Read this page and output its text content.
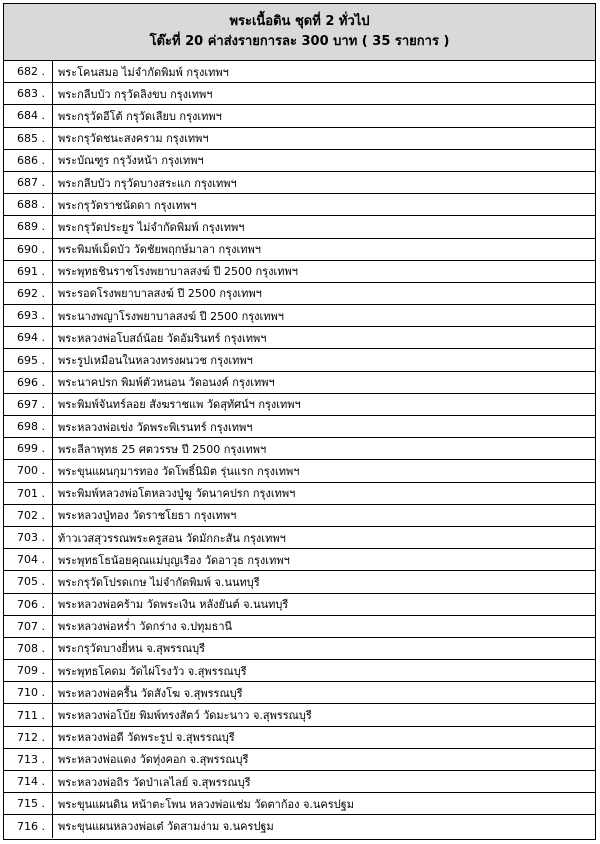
พระเนื้อดิน ชุดที่ 2 ทั่วไป
โต๊ะที่ 20 ค่าส่งรายการละ 300 บาท ( 35 รายการ )
682 .	พระโคนสมอ ไม่จำกัดพิมพ์ กรุงเทพฯ
683 .	พระกลีบบัว กรุวัดลิงขบ กรุงเทพฯ
684 .	พระกรุวัดอีโต้ กรุวัดเลียบ กรุงเทพฯ
685 .	พระกรุวัดชนะสงคราม กรุงเทพฯ
686 .	พระบัณฑูร กรุวังหน้า กรุงเทพฯ
687 .	พระกลีบบัว กรุวัดบางสระแก กรุงเทพฯ
688 .	พระกรุวัดราชนัดดา กรุงเทพฯ
689 .	พระกรุวัดประยูร ไม่จำกัดพิมพ์ กรุงเทพฯ
690 .	พระพิมพ์เม็ดบัว วัดชัยพฤกษ์มาลา กรุงเทพฯ
691 .	พระพุทธชินราชโรงพยาบาลสงฆ์ ปี 2500 กรุงเทพฯ
692 .	พระรอดโรงพยาบาลสงฆ์ ปี 2500 กรุงเทพฯ
693 .	พระนางพญาโรงพยาบาลสงฆ์ ปี 2500 กรุงเทพฯ
694 .	พระหลวงพ่อโบสถ์น้อย วัดอัมรินทร์ กรุงเทพฯ
695 .	พระรูปเหมือนในหลวงทรงผนวช กรุงเทพฯ
696 .	พระนาคปรก พิมพ์ตัวหนอน วัดอนงค์ กรุงเทพฯ
697 .	พระพิมพ์จันทร์ลอย สังฆราชแพ วัดสุทัศน์ฯ กรุงเทพฯ
698 .	พระหลวงพ่อเข่ง วัดพระพิเรนทร์ กรุงเทพฯ
699 .	พระลีลาพุทธ 25 ศตวรรษ ปี 2500 กรุงเทพฯ
700 .	พระขุนแผนกุมารทอง วัดโพธิ์นิมิต รุ่นแรก กรุงเทพฯ
701 .	พระพิมพ์หลวงพ่อโตหลวงปู่ฆู วัดนาคปรก กรุงเทพฯ
702 .	พระหลวงปู่ทอง วัดราชโยธา กรุงเทพฯ
703 .	ท้าวเวสสุวรรณพระครูสอน วัดมักกะสัน กรุงเทพฯ
704 .	พระพุทธโธน้อยคุณแม่บุญเรือง วัดอาวุธ กรุงเทพฯ
705 .	พระกรุวัดโปรดเกษ ไม่จำกัดพิมพ์ จ.นนทบุรี
706 .	พระหลวงพ่อคร้าม วัดพระเงิน หลังยันต์ จ.นนทบุรี
707 .	พระหลวงพ่อหร่ำ วัดกร่าง จ.ปทุมธานี
708 .	พระกรุวัดบางยี่หน จ.สุพรรณบุรี
709 .	พระพุทธโคดม วัดไผ่โรงวัว จ.สุพรรณบุรี
710 .	พระหลวงพ่อครื้น วัดสังโฆ จ.สุพรรณบุรี
711 .	พระหลวงพ่อโบ้ย พิมพ์ทรงสัตว์ วัดมะนาว จ.สุพรรณบุรี
712 .	พระหลวงพ่อดี วัดพระรูป จ.สุพรรณบุรี
713 .	พระหลวงพ่อแดง วัดทุ่งคอก จ.สุพรรณบุรี
714 .	พระหลวงพ่อถิร วัดป่าเลไลย์ จ.สุพรรณบุรี
715 .	พระขุนแผนดิน หน้าตะโพน หลวงพ่อแช่ม วัดตาก้อง จ.นครปฐม
716 .	พระขุนแผนหลวงพ่อเต๋ วัดสามง่าม จ.นครปฐม
